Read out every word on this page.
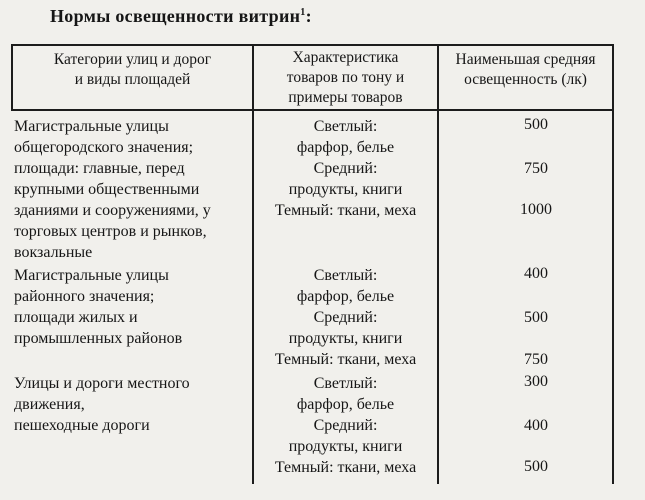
Нормы освещенности витрин$^1$:
Категории улиц и дорог
и виды площадей
Характеристика
товаров по тону и
примеры товаров
Наименьшая средняя
освещенность (лк)
Магистральные улицы
общегородского значения;
площади: главные, перед
крупными общественными
зданиями и сооружениями, у
торговых центров и рынков,
вокзальные
Светлый:
фарфор, белье
Средний:
продукты, книги
Темный: ткани, меха
500
750
1000
Магистральные улицы
районного значения;
площади жилых и
промышленных районов
Светлый:
фарфор, белье
Средний:
продукты, книги
Темный: ткани, меха
400
500
750
Улицы и дороги местного
движения,
пешеходные дороги
Светлый:
фарфор, белье
Средний:
продукты, книги
Темный: ткани, меха
300
400
500
